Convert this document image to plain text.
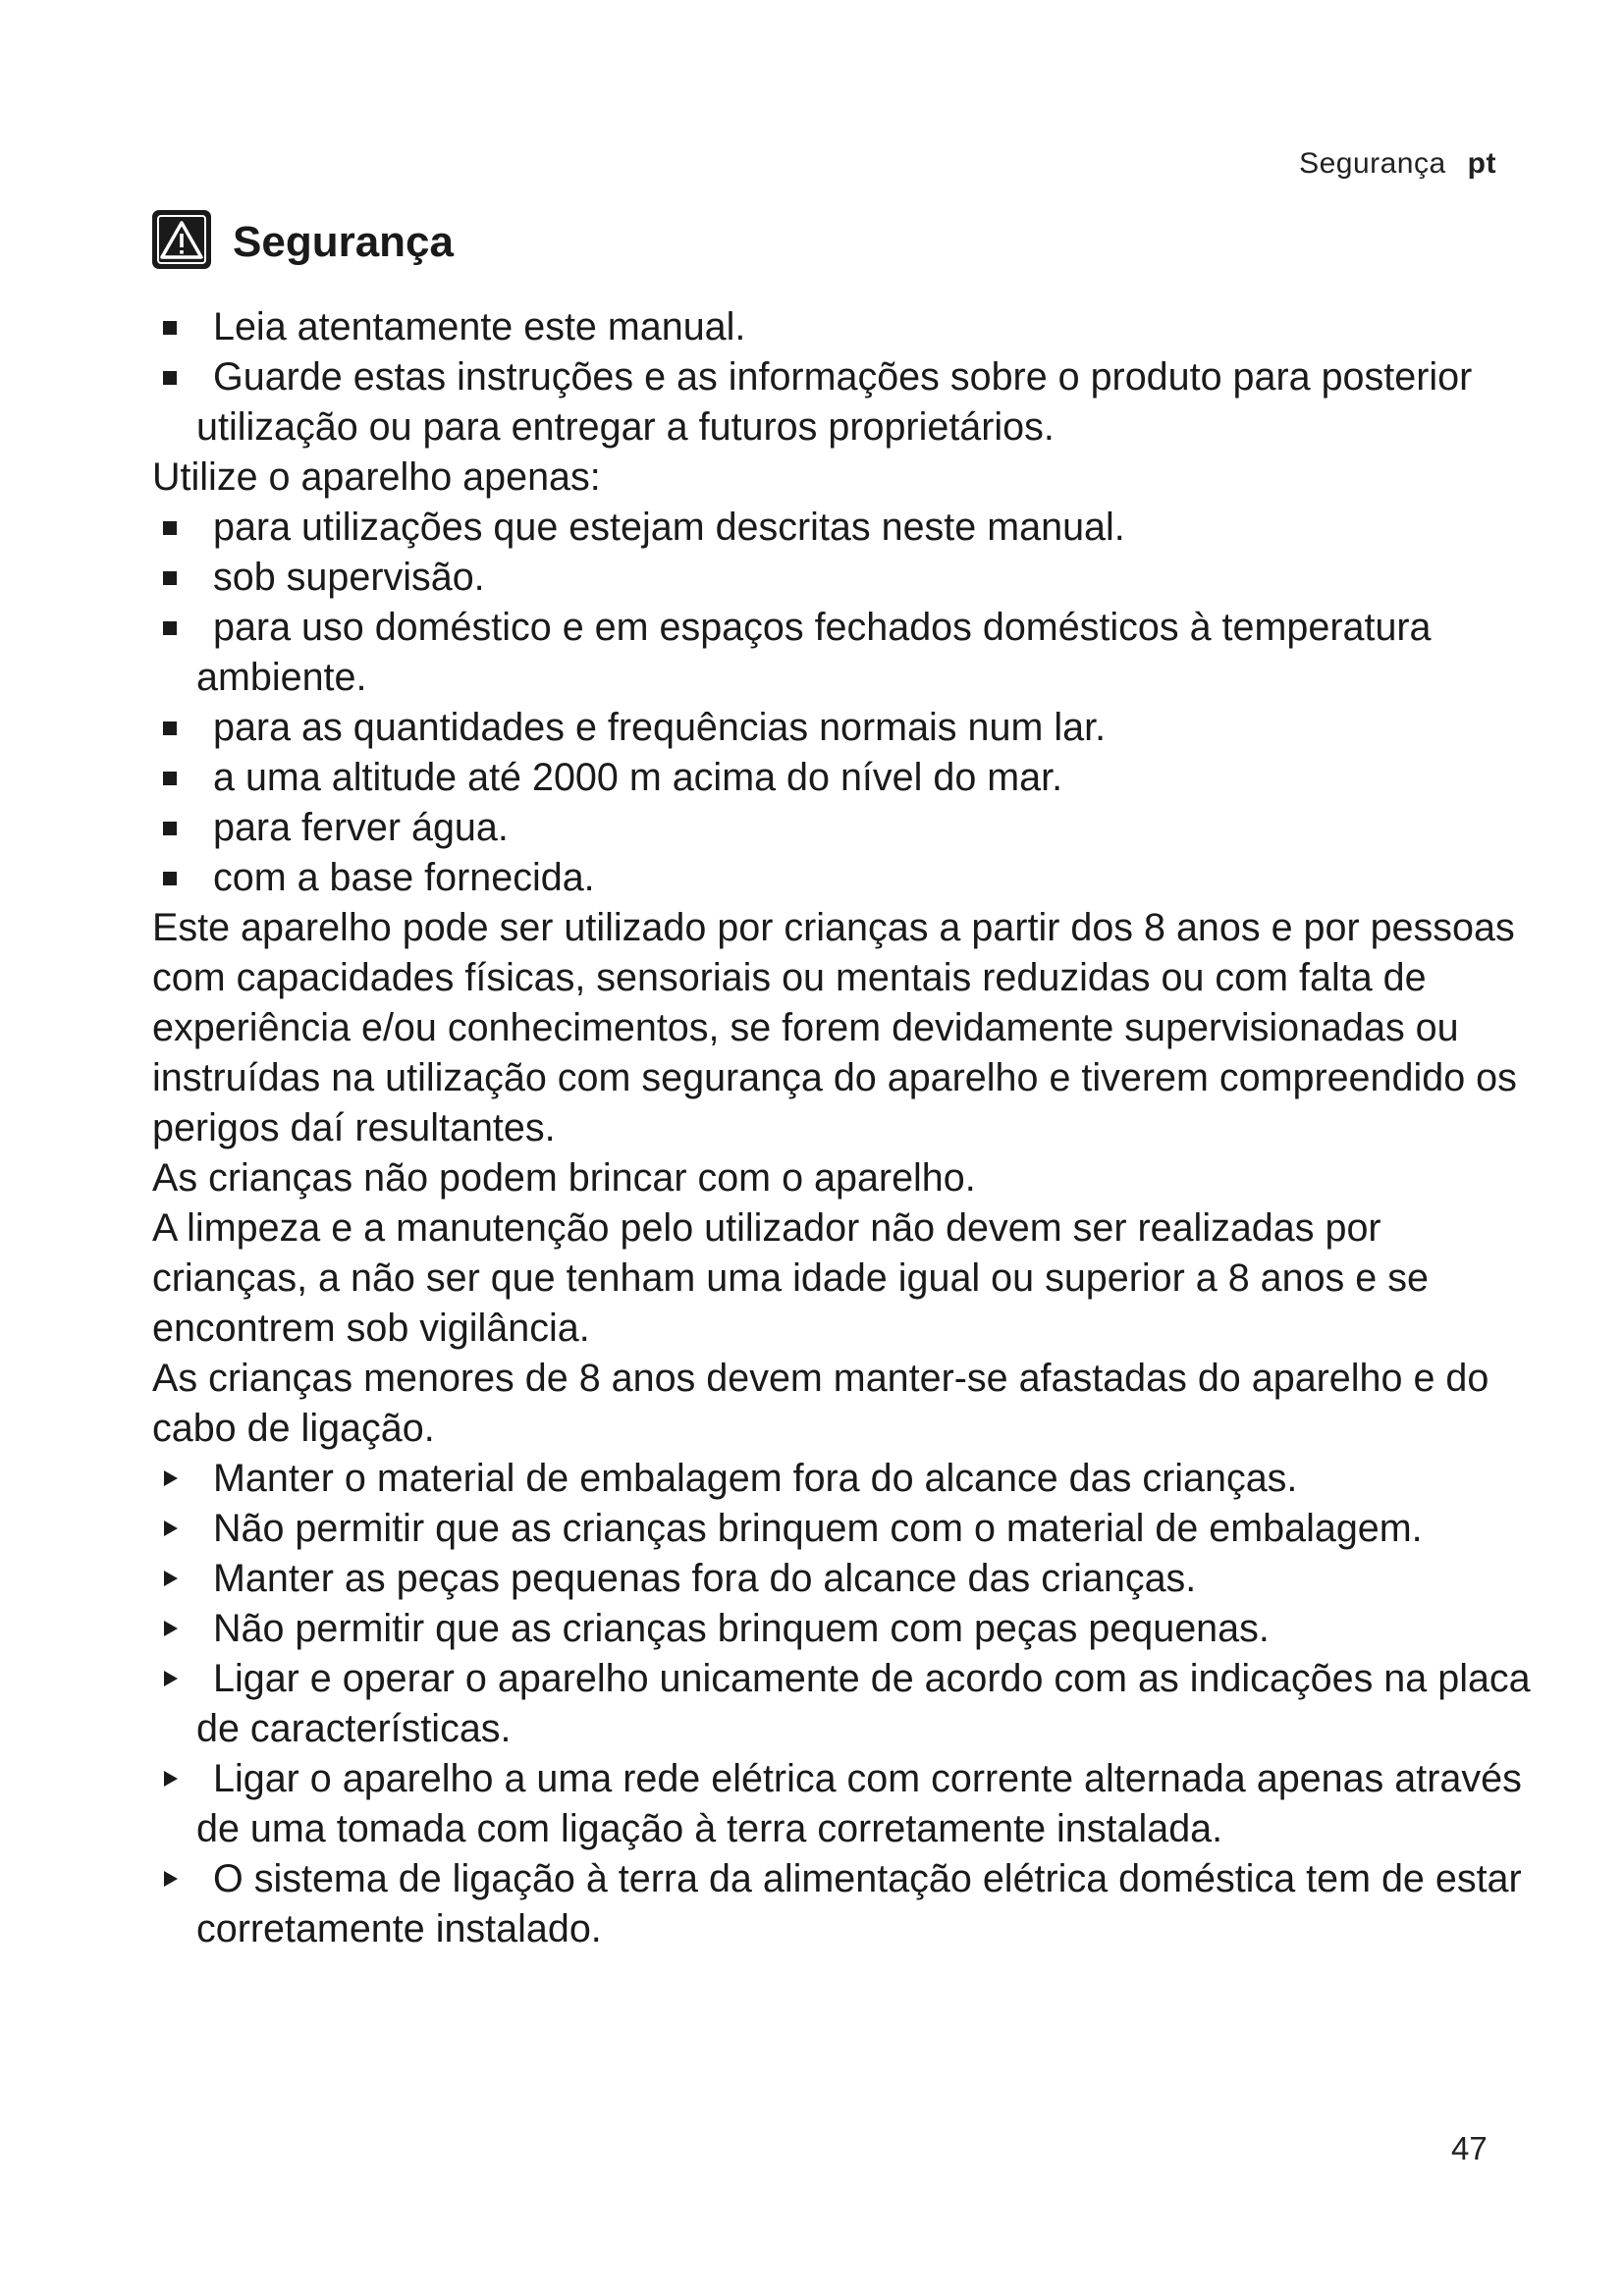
Segurança pt
Segurança
Leia atentamente este manual.
Guarde estas instruções e as informações sobre o produto para posterior utilização ou para entregar a futuros proprietários.

Utilize o aparelho apenas:

para utilizações que estejam descritas neste manual.
sob supervisão.
para uso doméstico e em espaços fechados domésticos à temperatura ambiente.
para as quantidades e frequências normais num lar.
a uma altitude até 2000 m acima do nível do mar.
para ferver água.
com a base fornecida.

Este aparelho pode ser utilizado por crianças a partir dos 8 anos e por pessoas com capacidades físicas, sensoriais ou mentais reduzidas ou com falta de experiência e/ou conhecimentos, se forem devidamente supervisionadas ou instruídas na utilização com segurança do aparelho e tiverem compreendido os perigos daí resultantes.

As crianças não podem brincar com o aparelho.

A limpeza e a manutenção pelo utilizador não devem ser realizadas por crianças, a não ser que tenham uma idade igual ou superior a 8 anos e se encontrem sob vigilância.

As crianças menores de 8 anos devem manter-se afastadas do aparelho e do cabo de ligação.

Manter o material de embalagem fora do alcance das crianças.
Não permitir que as crianças brinquem com o material de embalagem.
Manter as peças pequenas fora do alcance das crianças.
Não permitir que as crianças brinquem com peças pequenas.
Ligar e operar o aparelho unicamente de acordo com as indicações na placa de características.
Ligar o aparelho a uma rede elétrica com corrente alternada apenas através de uma tomada com ligação à terra corretamente instalada.
O sistema de ligação à terra da alimentação elétrica doméstica tem de estar corretamente instalado.
47
